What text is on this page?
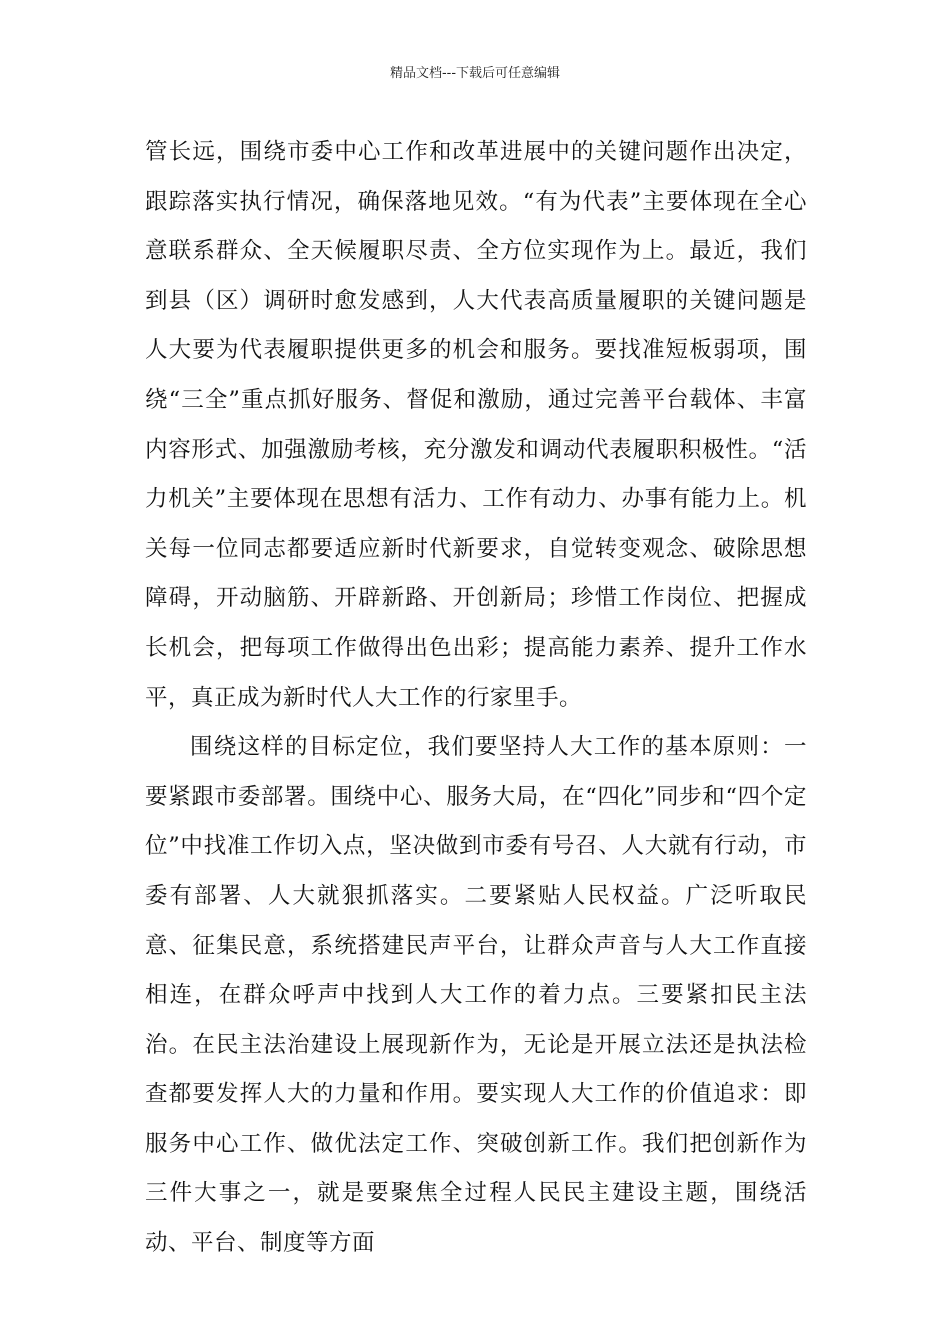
精品文档---下载后可任意编辑

管长远，围绕市委中心工作和改革进展中的关键问题作出决定，跟踪落实执行情况，确保落地见效。“有为代表”主要体现在全心意联系群众、全天候履职尽责、全方位实现作为上。最近，我们到县（区）调研时愈发感到，人大代表高质量履职的关键问题是人大要为代表履职提供更多的机会和服务。要找准短板弱项，围绕“三全”重点抓好服务、督促和激励，通过完善平台载体、丰富内容形式、加强激励考核，充分激发和调动代表履职积极性。“活力机关”主要体现在思想有活力、工作有动力、办事有能力上。机关每一位同志都要适应新时代新要求，自觉转变观念、破除思想障碍，开动脑筋、开辟新路、开创新局；珍惜工作岗位、把握成长机会，把每项工作做得出色出彩；提高能力素养、提升工作水平，真正成为新时代人大工作的行家里手。

围绕这样的目标定位，我们要坚持人大工作的基本原则：一要紧跟市委部署。围绕中心、服务大局，在“四化”同步和“四个定位”中找准工作切入点，坚决做到市委有号召、人大就有行动，市委有部署、人大就狠抓落实。二要紧贴人民权益。广泛听取民意、征集民意，系统搭建民声平台，让群众声音与人大工作直接相连，在群众呼声中找到人大工作的着力点。三要紧扣民主法治。在民主法治建设上展现新作为，无论是开展立法还是执法检查都要发挥人大的力量和作用。要实现人大工作的价值追求：即服务中心工作、做优法定工作、突破创新工作。我们把创新作为三件大事之一，就是要聚焦全过程人民民主建设主题，围绕活动、平台、制度等方面
